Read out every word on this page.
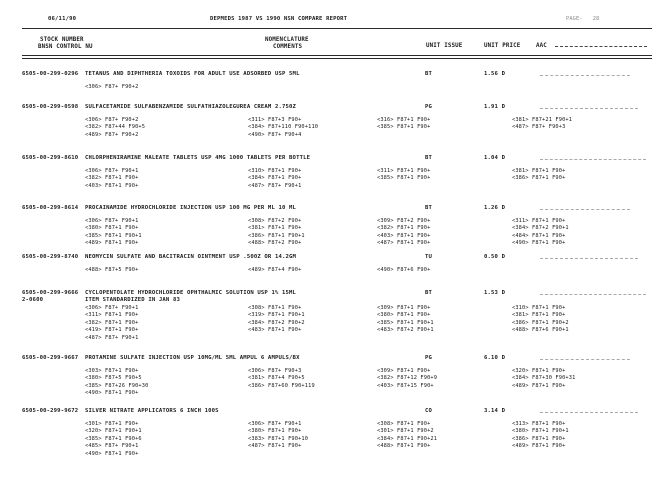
06/11/90	DEPMEDS 1987 VS 1990 NSN COMPARE REPORT	PAGE-   28
STOCK NUMBER
BNSN CONTROL NU
NOMENCLATURE
COMMENTS	UNIT ISSUE	UNIT PRICE	AAC
6505-00-299-0296 TETANUS AND DIPHTHERIA TOXOIDS FOR ADULT USE ADSORBED USP 5ML	BT	1.56 D
<306> F87+ F90+2
6505-00-299-0598 SULFACETAMIDE SULFABENZAMIDE SULFATHIAZOLEGUREA CREAM 2.750Z	PG	1.91 D
<306> F87+ F90+2	<311> F87+3 F90+	<316> F87+1 F90+	<381> F87+21 F90+1
<382> F87+44 F90+5	<384> F87+110 F90+110	<385> F87+1 F90+	<487> F87+ F90+3
<489> F87+ F90+2	<490> F87+ F90+4
6505-00-299-8610 CHLORPHENIRAMINE MALEATE TABLETS USP 4MG 1000 TABLETS PER BOTTLE	BT	1.04 D
<306> F87+ F90+1	<310> F87+1 F90+	<311> F87+1 F90+	<381> F87+1 F90+
<382> F87+1 F90+	<384> F87+1 F90+	<385> F87+1 F90+	<386> F87+1 F90+
<403> F87+1 F90+	<487> F87+ F90+1
6505-00-299-8614 PROCAINAMIDE HYDROCHLORIDE INJECTION USP 100 MG PER ML 10 ML	BT	1.26 D
<306> F87+ F90+1	<308> F87+2 F90+	<309> F87+2 F90+	<311> F87+1 F90+
<380> F87+1 F90+	<381> F87+1 F90+	<382> F87+1 F90+	<384> F87+2 F90+1
<385> F87+1 F90+1	<386> F87+1 F90+1	<403> F87+1 F90+	<484> F87+1 F90+
<489> F87+1 F90+	<488> F87+2 F90+	<487> F87+1 F90+	<490> F87+1 F90+
6505-00-299-8740 NEOMYCIN SULFATE AND BACITRACIN OINTMENT USP .500Z OR 14.2GM	TU	0.50 D
<488> F87+5 F90+	<489> F87+4 F90+	<490> F87+6 F90+
6505-00-299-9666
2-0600
CYCLOPENTOLATE HYDROCHLORIDE OPHTHALMIC SOLUTION USP 1% 15ML
ITEM STANDARDIZED IN JAN 83
BT	1.53 D
<306> F87+ F90+1	<308> F87+1 F90+	<309> F87+1 F90+	<310> F87+1 F90+
<311> F87+1 F90+	<319> F87+1 F90+1	<380> F87+1 F90+	<381> F87+1 F90+
<382> F87+1 F90+	<384> F87+2 F90+2	<385> F87+1 F90+1	<386> F87+1 F90+2
<419> F87+1 F90+	<483> F87+1 F90+	<483> F87+2 F90+1	<488> F87+6 F90+1
<487> F87+ F90+1
6505-00-299-9667 PROTAMINE SULFATE INJECTION USP 10MG/ML 5ML AMPUL 6 AMPULS/BX	PG	6.10 D
<303> F87+1 F90+	<306> F87+ F90+3	<309> F87+1 F90+	<320> F87+1 F90+
<380> F87+5 F90+5	<381> F87+4 F90+5	<382> F87+12 F90+9	<384> F87+30 F90+31
<385> F87+26 F90+30	<386> F87+60 F90+119	<403> F87+15 F90+	<489> F87+1 F90+
<490> F87+1 F90+
6505-00-299-9672 SILVER NITRATE APPLICATORS 6 INCH 100S	CO	3.14 D
<301> F87+1 F90+	<306> F87+ F90+1	<308> F87+1 F90+	<313> F87+1 F90+
<320> F87+1 F90+1	<380> F87+1 F90+	<301> F87+1 F90+2	<380> F87+1 F90+1
<385> F87+1 F90+6	<383> F87+1 F90+10	<384> F87+1 F90+21	<386> F87+1 F90+
<485> F87+ F90+1	<487> F87+1 F90+	<488> F87+1 F90+	<489> F87+1 F90+
<490> F87+1 F90+
